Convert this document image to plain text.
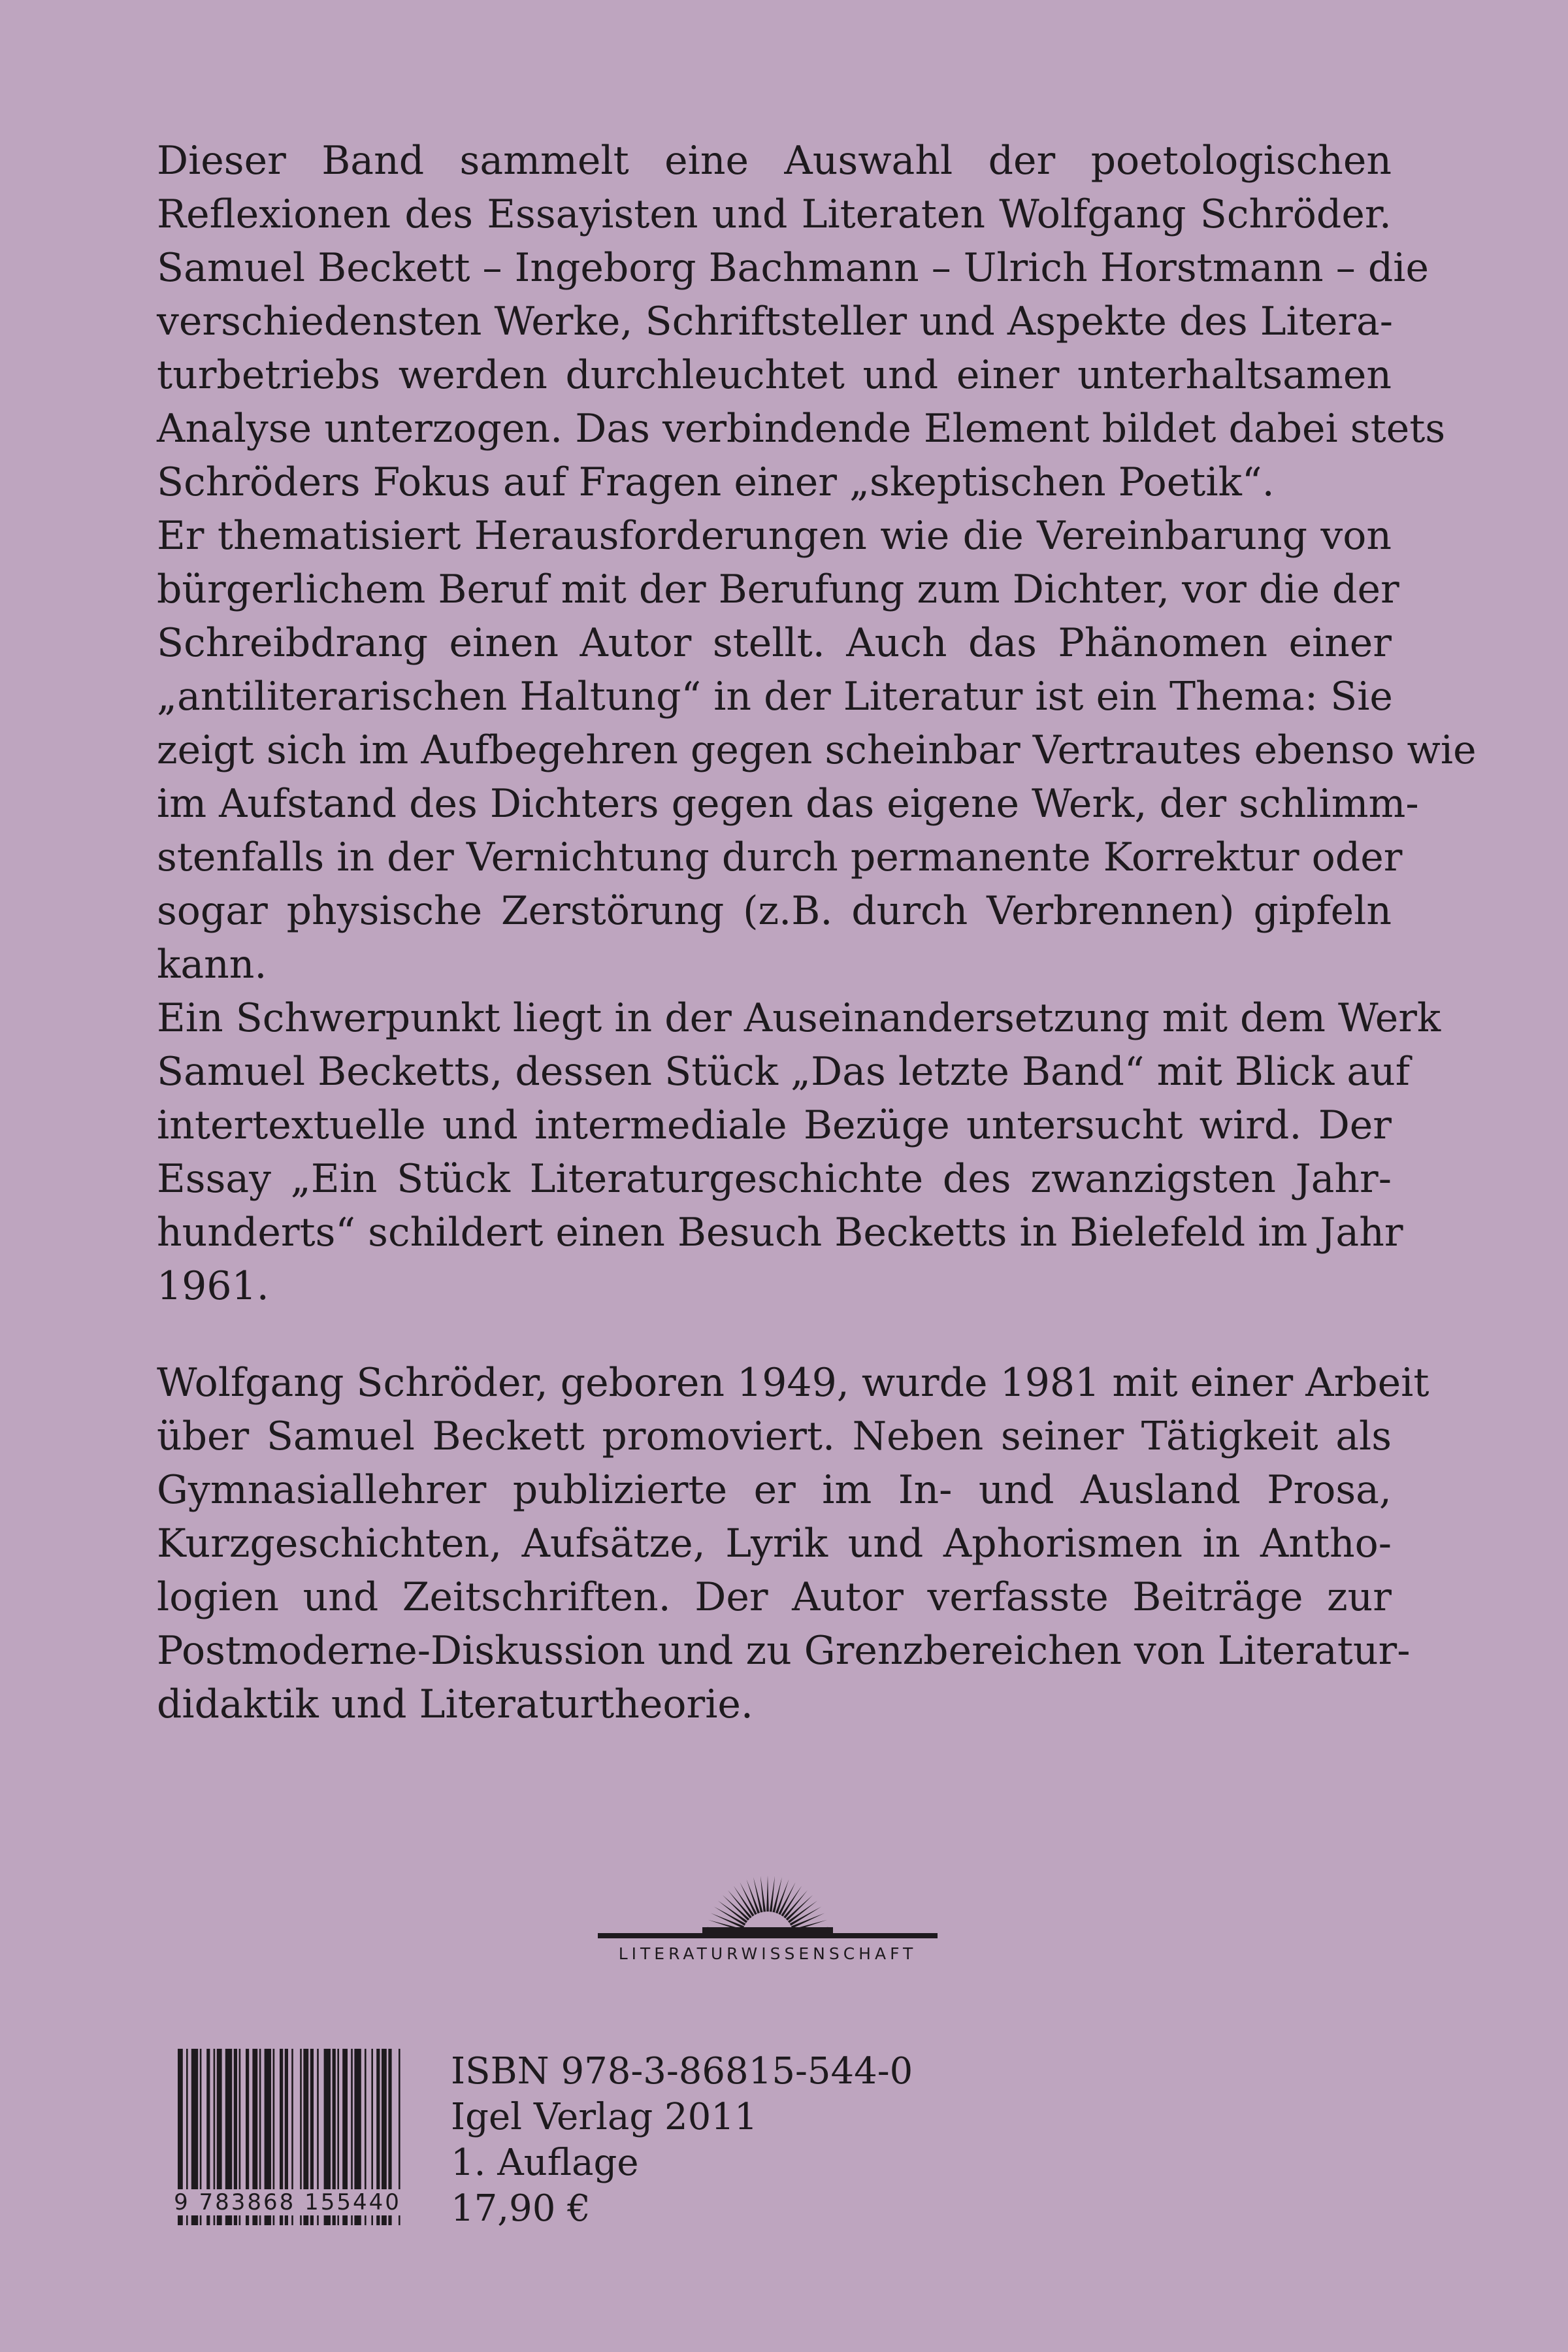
Dieser Band sammelt eine Auswahl der poetologischen
Reflexionen des Essayisten und Literaten Wolfgang Schröder.
Samuel Beckett – Ingeborg Bachmann – Ulrich Horstmann – die
verschiedensten Werke, Schriftsteller und Aspekte des Litera-
turbetriebs werden durchleuchtet und einer unterhaltsamen
Analyse unterzogen. Das verbindende Element bildet dabei stets
Schröders Fokus auf Fragen einer „skeptischen Poetik“.
Er thematisiert Herausforderungen wie die Vereinbarung von
bürgerlichem Beruf mit der Berufung zum Dichter, vor die der
Schreibdrang einen Autor stellt. Auch das Phänomen einer
„antiliterarischen Haltung“ in der Literatur ist ein Thema: Sie
zeigt sich im Aufbegehren gegen scheinbar Vertrautes ebenso wie
im Aufstand des Dichters gegen das eigene Werk, der schlimm-
stenfalls in der Vernichtung durch permanente Korrektur oder
sogar physische Zerstörung (z.B. durch Verbrennen) gipfeln
kann.
Ein Schwerpunkt liegt in der Auseinandersetzung mit dem Werk
Samuel Becketts, dessen Stück „Das letzte Band“ mit Blick auf
intertextuelle und intermediale Bezüge untersucht wird. Der
Essay „Ein Stück Literaturgeschichte des zwanzigsten Jahr-
hunderts“ schildert einen Besuch Becketts in Bielefeld im Jahr
1961.
Wolfgang Schröder, geboren 1949, wurde 1981 mit einer Arbeit
über Samuel Beckett promoviert. Neben seiner Tätigkeit als
Gymnasiallehrer publizierte er im In- und Ausland Prosa,
Kurzgeschichten, Aufsätze, Lyrik und Aphorismen in Antho-
logien und Zeitschriften. Der Autor verfasste Beiträge zur
Postmoderne-Diskussion und zu Grenzbereichen von Literatur-
didaktik und Literaturtheorie.
LITERATURWISSENSCHAFT
9 783868 155440
ISBN 978-3-86815-544-0
Igel Verlag 2011
1. Auflage
17,90 €
